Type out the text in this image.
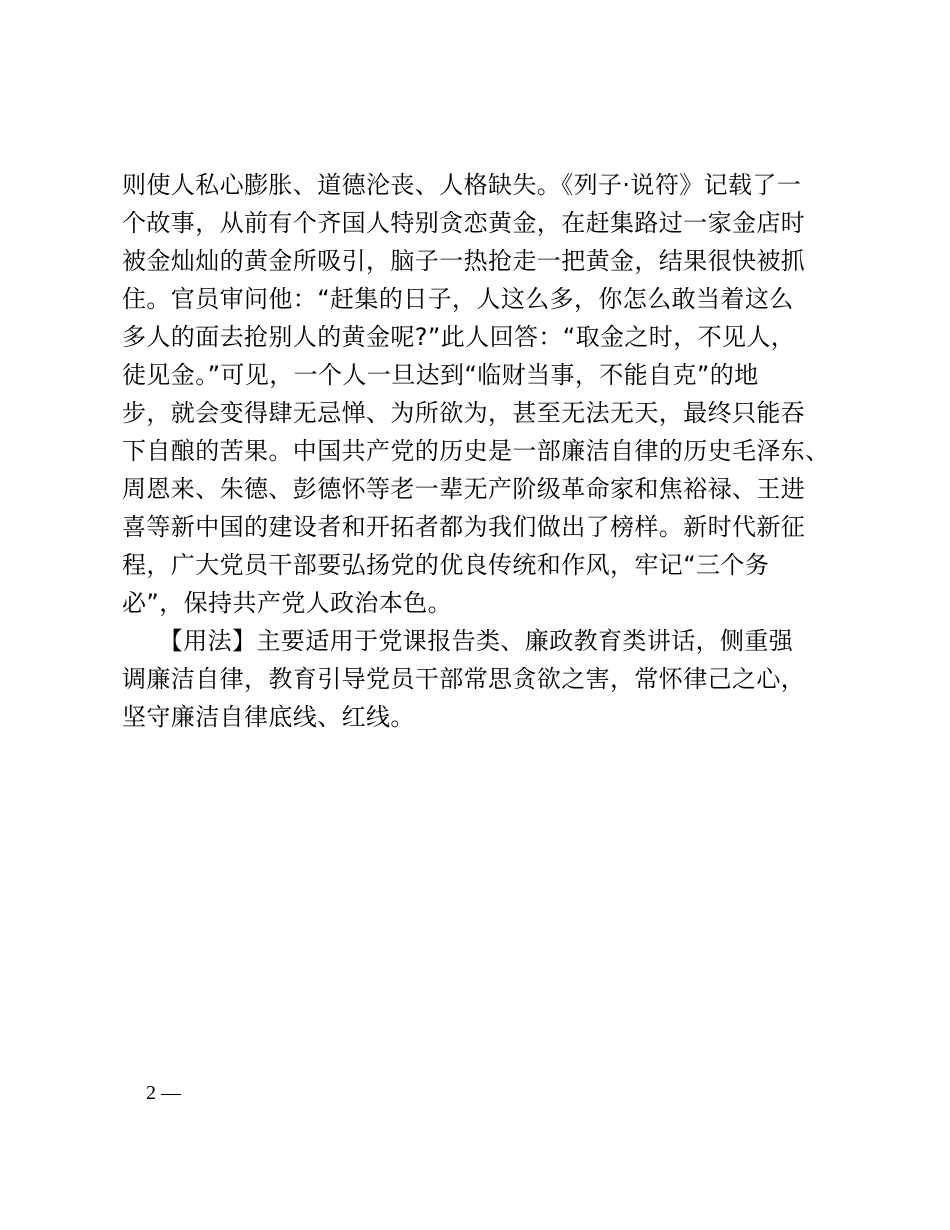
则使人私心膨胀、道德沦丧、人格缺失。《列子·说符》记载了一
个故事，从前有个齐国人特别贪恋黄金，在赶集路过一家金店时
被金灿灿的黄金所吸引，脑子一热抢走一把黄金，结果很快被抓
住。官员审问他：“赶集的日子，人这么多，你怎么敢当着这么
多人的面去抢别人的黄金呢?”此人回答：“取金之时，不见人，
徒见金。”可见，一个人一旦达到“临财当事，不能自克”的地
步，就会变得肆无忌惮、为所欲为，甚至无法无天，最终只能吞
下自酿的苦果。中国共产党的历史是一部廉洁自律的历史毛泽东、
周恩来、朱德、彭德怀等老一辈无产阶级革命家和焦裕禄、王进
喜等新中国的建设者和开拓者都为我们做出了榜样。新时代新征
程，广大党员干部要弘扬党的优良传统和作风，牢记“三个务
必”，保持共产党人政治本色。
　　【用法】主要适用于党课报告类、廉政教育类讲话，侧重强
调廉洁自律，教育引导党员干部常思贪欲之害，常怀律己之心，
坚守廉洁自律底线、红线。
2 —
